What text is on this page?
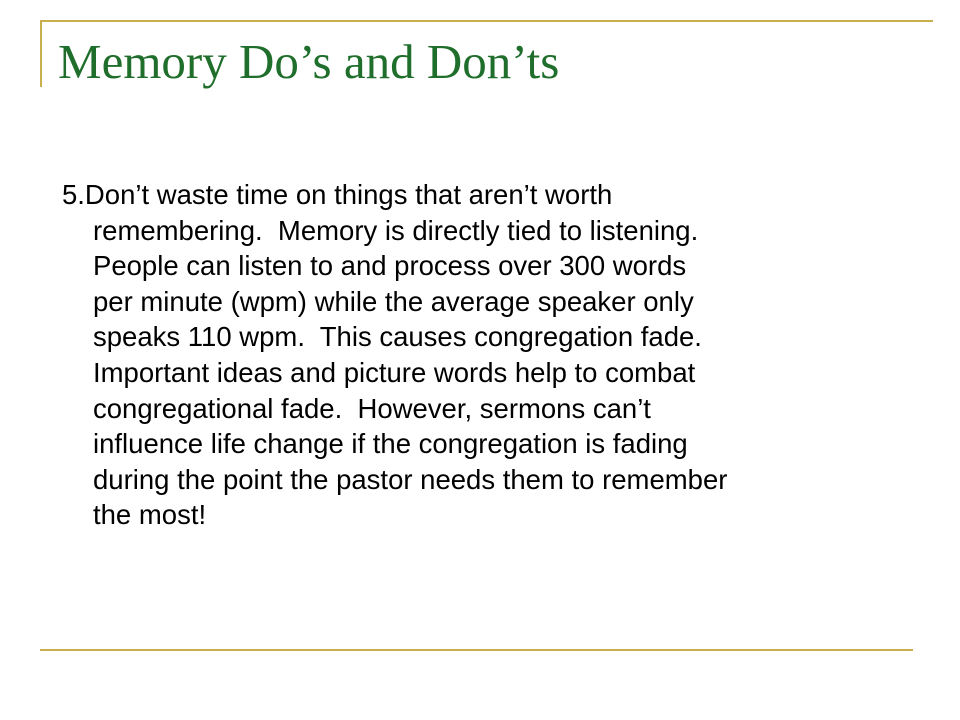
Memory Do’s and Don’ts
5.Don’t waste time on things that aren’t worth
remembering.  Memory is directly tied to listening.
People can listen to and process over 300 words
per minute (wpm) while the average speaker only
speaks 110 wpm.  This causes congregation fade.
Important ideas and picture words help to combat
congregational fade.  However, sermons can’t
influence life change if the congregation is fading
during the point the pastor needs them to remember
the most!
